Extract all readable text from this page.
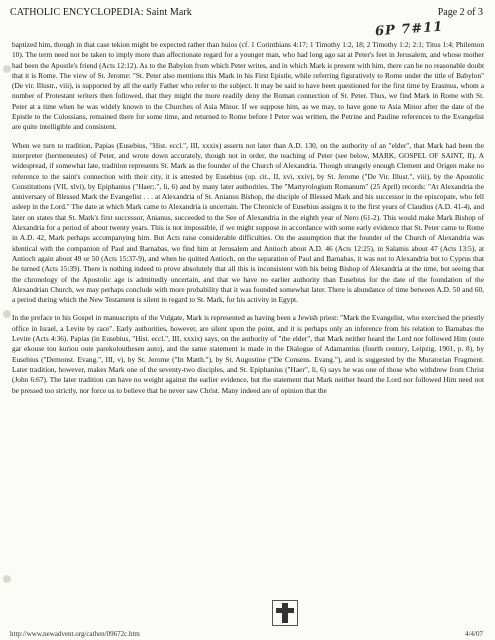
CATHOLIC ENCYCLOPEDIA: Saint Mark	Page 2 of 3
6P 7#11

baptized him, though in that case tekion might be expected rather than huios (cf. 1 Corinthians 4:17; 1 Timothy 1:2, 18; 2 Timothy 1:2; 2:1; Titus 1:4; Philemon 10). The term need not be taken to imply more than affectionate regard for a younger man, who had long ago sat at Peter's feet in Jerusalem, and whose mother had been the Apostle's friend (Acts 12:12). As to the Babylon from which Peter writes, and in which Mark is present with him, there can be no reasonable doubt that it is Rome. The view of St. Jerome: "St. Peter also mentions this Mark in his First Epistle, while referring figuratively to Rome under the title of Babylon" (De vir. Illustr., viii), is supported by all the early Father who refer to the subject. It may be said to have been questioned for the first time by Erasmus, whom a number of Protestant writers then followed, that they might the more readily deny the Roman connection of St. Peter. Thus, we find Mark in Rome with St. Peter at a time when he was widely known to the Churches of Asia Minor. If we suppose him, as we may, to have gone to Asia Minor after the date of the Epistle to the Colossians, remained there for some time, and returned to Rome before I Peter was written, the Petrine and Pauline references to the Evangelist are quite intelligible and consistent.

When we turn to tradition, Papias (Eusebius, "Hist. eccl.", III, xxxix) asserts not later than A.D. 130, on the authority of an "elder", that Mark had been the interpreter (hermeneutes) of Peter, and wrote down accurately, though not in order, the teaching of Peter (see below, MARK, GOSPEL OF SAINT, II). A widespread, if somewhat late, tradition represents St. Mark as the founder of the Church of Alexandria. Though strangely enough Clement and Origen make no reference to the saint's connection with their city, it is attested by Eusebius (op. cit., II, xvi, xxiv), by St. Jerome ("De Vir. Illust.", viii), by the Apostolic Constitutions (VII, xlvi), by Epiphanius ("Haer;.", li, 6) and by many later authorities. The "Martyrologium Romanum" (25 April) records: "At Alexandria the anniversary of Blessed Mark the Evangelist . . . at Alexandria of St. Anianus Bishop, the disciple of Blessed Mark and his successor in the episcopate, who fell asleep in the Lord." The date at which Mark came to Alexandria is uncertain. The Chronicle of Eusebius assigns it to the first years of Claudius (A.D. 41-4), and later on states that St. Mark's first successor, Anianus, succeeded to the See of Alexandria in the eighth year of Nero (61-2). This would make Mark Bishop of Alexandria for a period of about twenty years. This is not impossible, if we might suppose in accordance with some early evidence that St. Peter came to Rome in A.D. 42, Mark perhaps accompanying him. But Acts raise considerable difficulties. On the assumption that the founder of the Church of Alexandria was identical with the companion of Paul and Barnabas, we find him at Jerusalem and Antioch about A.D. 46 (Acts 12:25), in Salamis about 47 (Acts 13:5), at Antioch again about 49 or 50 (Acts 15:37-9), and when he quitted Antioch, on the separation of Paul and Barnabas, it was not to Alexandria but to Cyprus that he turned (Acts 15:39). There is nothing indeed to prove absolutely that all this is inconsistent with his being Bishop of Alexandria at the time, but seeing that the chronology of the Apostolic age is admittedly uncertain, and that we have no earlier authority than Eusebius for the date of the foundation of the Alexandrian Church, we may perhaps conclude with more probability that it was founded somewhat later. There is abundance of time between A.D. 50 and 60, a period during which the New Testament is silent in regard to St. Mark, for his activity in Egypt.

In the preface to his Gospel in manuscripts of the Vulgate, Mark is represented as having been a Jewish priest: "Mark the Evangelist, who exercised the priestly office in Israel, a Levite by race". Early authorities, however, are silent upon the point, and it is perhaps only an inference from his relation to Barnabas the Levite (Acts 4:36). Papias (in Eusebius, "Hist. eccl.", III, xxxix) says, on the authority of "the elder", that Mark neither heard the Lord nor followed Him (oute gar ekouse tou kuriou oute parekolouthesen auto), and the same statement is made in the Dialogue of Adamantius (fourth century, Leipzig, 1901, p. 8), by Eusebius ("Demonst. Evang.", III, v), by St. Jerome ("In Matth."), by St. Augustine ("De Consens. Evang."), and is suggested by the Muratorian Fragment. Later tradition, however, makes Mark one of the seventy-two disciples, and St. Epiphanius ("Haer", li, 6) says he was one of those who withdrew from Christ (John 6:67). The later tradition can have no weight against the earlier evidence, but the statement that Mark neither heard the Lord nor followed Him need not be pressed too strictly, nor force us to believe that he never saw Christ. Many indeed are of opinion that the

http://www.newadvent.org/cathen/09672c.htm	4/4/07
